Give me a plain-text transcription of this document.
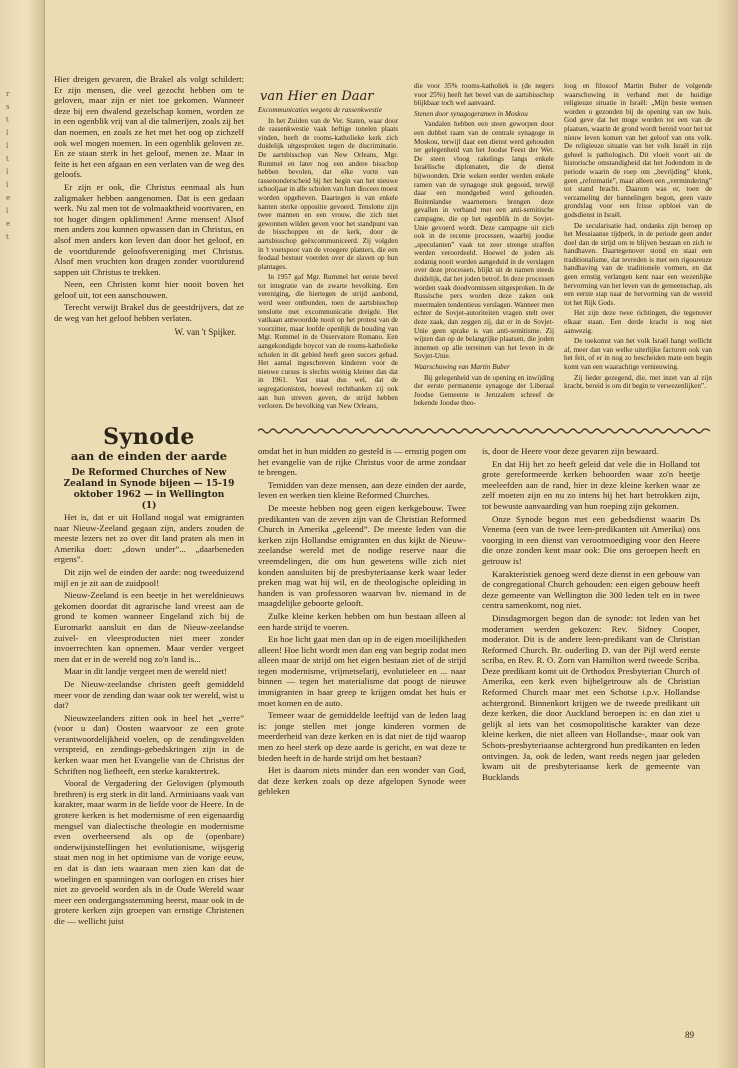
r
s
t
l
l
t
l
ï
e
l
e
t

Hier dreigen gevaren, die Brakel als volgt schildert: Er zijn mensen, die veel gezocht hebben om te geloven, maar zijn er niet toe gekomen. Wanneer deze bij een dwalend gezelschap komen, worden ze in een ogenblik vrij van al die talmerijen, zoals zij het dan noemen, en zoals ze het met het oog op zichzelf ook wel mogen noemen. In een ogenblik geloven ze. En ze staan sterk in het geloof, menen ze. Maar in feite is het een afgaan en een verlaten van de weg des geloofs.

Er zijn er ook, die Christus eenmaal als hun zaligmaker hebben aangenomen. Dat is een gedaan werk. Nu zal men tot de volmaaktheid voortvaren, en tot hoger dingen opklimmen! Arme mensen! Alsof men anders zou kunnen opwassen dan in Christus, en alsof men anders kon leven dan door het geloof, en de voortdurende geloofsvereniging met Christus. Alsof men vruchten kon dragen zonder voortdurend sappen uit Christus te trekken.

Neen, een Christen komt hier nooit boven het geloof uit, tot een aanschouwen.

Terecht verwijt Brakel dus de geestdrijvers, dat ze de weg van het geloof hebben verlaten.

W. van 't Spijker.
van Hier en Daar

Excommunicaties wegens de rassenkwestie

In het Zuiden van de Ver. Staten, waar door de rassenkwestie vaak heftige tonelen plaats vinden, heeft de rooms-katholieke kerk zich duidelijk uitgesproken tegen de discriminatie. De aartsbisschop van New Orleans, Mgr. Rummel en later nog een andere bisschop hebben bevolen, dat elke vorm van rassenonderscheid bij het begin van het nieuwe schooljaar in alle scholen van hun diocees moest worden opgeheven. Daartegen is van enkele kanten sterke oppositie gevoerd. Tenslotte zijn twee mannen en een vrouw, die zich niet gewonnen wilden geven voor het standpunt van de bisschoppen en de kerk, door de aartsbisschop geëxcommuniceerd. Zij volgden in 't voetspoor van de vroegere planters, die een feodaal bestuur voerden over de slaven op hun plantages.

In 1957 gaf Mgr. Rummel het eerste bevel tot integratie van de zwarte bevolking. Een vereniging, die hiertegen de strijd aanbond, werd weer ontbonden, toen de aartsbisschop tenslotte met excommunicatie dreigde. Het vatikaan antwoordde nooit op het protest van de voorzitter, maar loofde openlijk de houding van Mgr. Rummel in de Osservatore Romano. Een aangekondigde boycot van de rooms-katholieke scholen in dit gebied heeft geen succes gehad. Het aantal ingeschreven kinderen voor de nieuwe cursus is slechts weinig kleiner dan dat in 1961. Vast staat dus wel, dat de segregationisten, hoeveel rechtbanken zij ook aan hun streven geven, de strijd hebben verloren. De bevolking van New Orleans,

die voor 35% rooms-katholiek is (de negers voor 25%) heeft het bevel van de aartsbisschop blijkbaar toch wel aanvaard.

Stenen door synagogeramen in Moskou

Vandalen hebben een steen geworpen door een dubbel raam van de centrale synagoge in Moskou, terwijl daar een dienst werd gehouden ter gelegenheid van het Joodse Feest der Wet. De steen vloog rakelings langs enkele Israëlische diplomaten, die de dienst bijwoonden. Drie weken eerder werden enkele ramen van de synagoge stuk gegooid, terwijl daar een mondgebed werd gehouden. Buitenlandse waarnemers brengen deze gevallen in verband met een anti-semitische campagne, die op het ogenblik in de Sovjet-Unie gevoerd wordt. Deze campagne uit zich ook in de recente processen, waarbij joodse „speculanten” vaak tot zeer strenge straffen werden veroordeeld. Hoewel de joden als zodanig nooit worden aangeduid in de verslagen over deze processen, blijkt uit de namen steeds duidelijk, dat het joden betrof. In deze processen worden vaak doodvonnissen uitgesproken. In de Russische pers worden deze zaken ook meermalen tendentieus verslagen. Wanneer men echter de Sovjet-autoriteiten vragen stelt over deze zaak, dan zeggen zij, dat er in de Sovjet-Unie geen sprake is van anti-semitisme. Zij wijzen dan op de belangrijke plaatsen, die joden innemen op alle terreinen van het leven in de Sovjet-Unie.

Waarschuwing van Martin Buber

Bij gelegenheid van de opening en inwijding der eerste permanente synagoge der Liberaal Joodse Gemeente te Jeruzalem schreef de bekende Joodse theo-

loog en filosoof Martin Buber de volgende waarschuwing in verband met de huidige religieuze situatie in Israël: „Mijn beste wensen worden u gezonden bij de opening van uw huis. God geve dat het moge worden tot een van de plaatsen, waarin de grond wordt bereid voor het tot nieuw leven komen van het geloof van ons volk. De religieuze situatie van het volk Israël in zijn geheel is pathologisch. Dit vloeit voort uit de historische omstandigheid dat het Jodendom in de periode waarin de roep om „bevrijding” klonk, geen „reformatie”, maar alleen een „vermindering” tot stand bracht. Daarom was er, toen de verzameling der bannelingen begon, geen vaste grondslag voor een frisse opbloei van de godsdienst in Israël.

De secularisatie had, ondanks zijn beroep op het Messiaanse tijdperk, in de periode geen ander doel dan de strijd om te blijven bestaan en zich te handhaven. Daartegenover stond en staat een traditionalisme, dat tevreden is met een rigoureuze handhaving van de traditionele vormen, en dat geen ernstig verlangen kent naar een wezenlijke hervorming van het leven van de gemeenschap, als een eerste stap naar de hervorming van de wereld tot het Rijk Gods.

Het zijn deze twee richtingen, die tegenover elkaar staan. Een derde kracht is nog niet aanwezig.

De toekomst van het volk Israël hangt wellicht af, meer dan van welke uiterlijke factoren ook van het feit, of er in nog zo bescheiden mate een begin komt van een waarachtige vernieuwing.

Zij lieder gezegend, die, met inzet van al zijn kracht, bereid is om dit begin te verwezenlijken”.

Synode
aan de einden der aarde
De Reformed Churches of New Zealand in Synode bijeen — 15-19 oktober 1962 — in Wellington
(1)

Het is, dat er uit Holland nogal wat emigranten naar Nieuw-Zeeland gegaan zijn, anders zouden de meeste lezers net zo over dit land praten als men in Amerika doet: „down under”... „daarbeneden ergens”.

Dit zijn wel de einden der aarde: nog tweeduizend mijl en je zit aan de zuidpool!

Nieuw-Zeeland is een beetje in het wereldnieuws gekomen doordat dit agrarische land vreest aan de grond te komen wanneer Engeland zich bij de Euromarkt aansluit en dan de Nieuw-zeelandse zuivel- en vleesproducten niet meer zonder invoerrechten kan opnemen. Maar verder vergeet men dat er in de wereld nog zo'n land is...

Maar in dit landje vergeet men de wereld niet!

De Nieuw-zeelandse christen geeft gemiddeld meer voor de zending dan waar ook ter wereld, wist u dat?

Nieuwzeelanders zitten ook in heel het „verre” (voor u dan) Oosten waarvoor ze een grote verantwoordelijkheid voelen, op de zendingsvelden verspreid, en zendings-gebedskringen zijn in de kerken waar men het Evangelie van de Christus der Schriften nog liefheeft, een sterke karaktertrek.

Vooral de Vergadering der Gelovigen (plymouth brethren) is erg sterk in dit land. Arminiaans vaak van karakter, maar warm in de liefde voor de Heere. In de grotere kerken is het modernisme of een eigenaardig mengsel van dialectische theologie en modernisme even overheersend als op de (openbare) onderwijsinstellingen het evolutionisme, wijsgerig staat men nog in het optimisme van de vorige eeuw, en dat is dan iets waaraan men zien kan dat de woelingen en spanningen van oorlogen en crises hier niet zo gevoeld worden als in de Oude Wereld waar meer een ondergangsstemming heerst, maar ook in de grotere kerken zijn groepen van ernstige Christenen die — wellicht juist

omdat het in hun midden zo gesteld is — ernstig pogen om het evangelie van de rijke Christus voor de arme zondaar te brengen.

Temidden van deze mensen, aan deze einden der aarde, leven en werken tien kleine Reformed Churches.

De meeste hebben nog geen eigen kerkgebouw. Twee predikanten van de zeven zijn van de Christian Reformed Church in Amerika „geleend”. De meeste leden van die kerken zijn Hollandse emigranten en dus kijkt de Nieuw-zeelandse wereld met de nodige reserve naar die vreemdelingen, die om hun gewetens wille zich niet konden aansluiten bij de presbyteriaanse kerk waar leder preken mag wat hij wil, en de theologische opleiding in handen is van professoren waarvan bv. niemand in de maagdelijke geboorte gelooft.

Zulke kleine kerken hebben om hun bestaan alleen al een harde strijd te voeren.

En hoe licht gaat men dan op in de eigen moeilijkheden alleen! Hoe licht wordt men dan eng van begrip zodat men alleen maar de strijd om het eigen bestaan ziet of de strijd tegen modernisme, vrijmetselarij, evolutieleer en ... naar binnen — tegen het materialisme dat poogt de nieuwe immigranten in haar greep te krijgen omdat het huis er moet komen en de auto.

Temeer waar de gemiddelde leeftijd van de leden laag is: jonge stellen met jonge kinderen vormen de meerderheid van deze kerken en is dat niet de tijd waarop men zo heel sterk op deze aarde is gericht, en wat deze te bieden heeft in de harde strijd om het bestaan?

Het is daarom niets minder dan een wonder van God, dat deze kerken zoals op deze afgelopen Synode weer gebleken

is, door de Heere voor deze gevaren zijn bewaard.

En dat Hij het zo heeft geleid dat vele die in Holland tot grote gereformeerde kerken behoorden waar zo'n beetje meeleefden aan de rand, hier in deze kleine kerken waar ze zelf moeten zijn en nu zo intens bij het hart betrokken zijn, tot bewuste aanvaarding van hun roeping zijn gekomen.

Onze Synode begon met een gebedsdienst waarin Ds Venema (een van de twee leen-predikanten uit Amerika) ons voorging in een dienst van verootmoediging voor den Heere die onze zonden kent maar ook: Die ons geroepen heeft en getrouw is!

Karakteristiek genoeg werd deze dienst in een gebouw van de congregational Church gehouden: een eigen gebouw heeft deze gemeente van Wellington die 300 leden telt en in twee centra samenkomt, nog niet.

Dinsdagmorgen begon dan de synode: tot leden van het moderamen werden gekozen: Rev. Sidney Cooper, moderator. Dit is de andere leen-predikant van de Christian Reformed Church. Br. ouderling D. van der Pijl werd eerste scriba, en Rev. R. O. Zorn van Hamilton werd tweede Scriba. Deze predikant komt uit de Orthodox Presbyterian Church of Amerika, een kerk even bijbelgetrouw als de Christian Reformed Church maar met een Schotse i.p.v. Hollandse achtergrond. Binnenkort krijgen we de tweede predikant uit deze kerken, die door Auckland beroepen is: en dan ziet u gelijk al iets van het cosmopolitische karakter van deze kleine kerken, die niet alleen van Hollandse-, maar ook van Schots-presbyteriaanse achtergrond hun predikanten en leden ontvingen. Ja, ook de leden, want reeds negen jaar geleden kwam uit de presbyteriaanse kerk de gemeente van Bucklands

89
